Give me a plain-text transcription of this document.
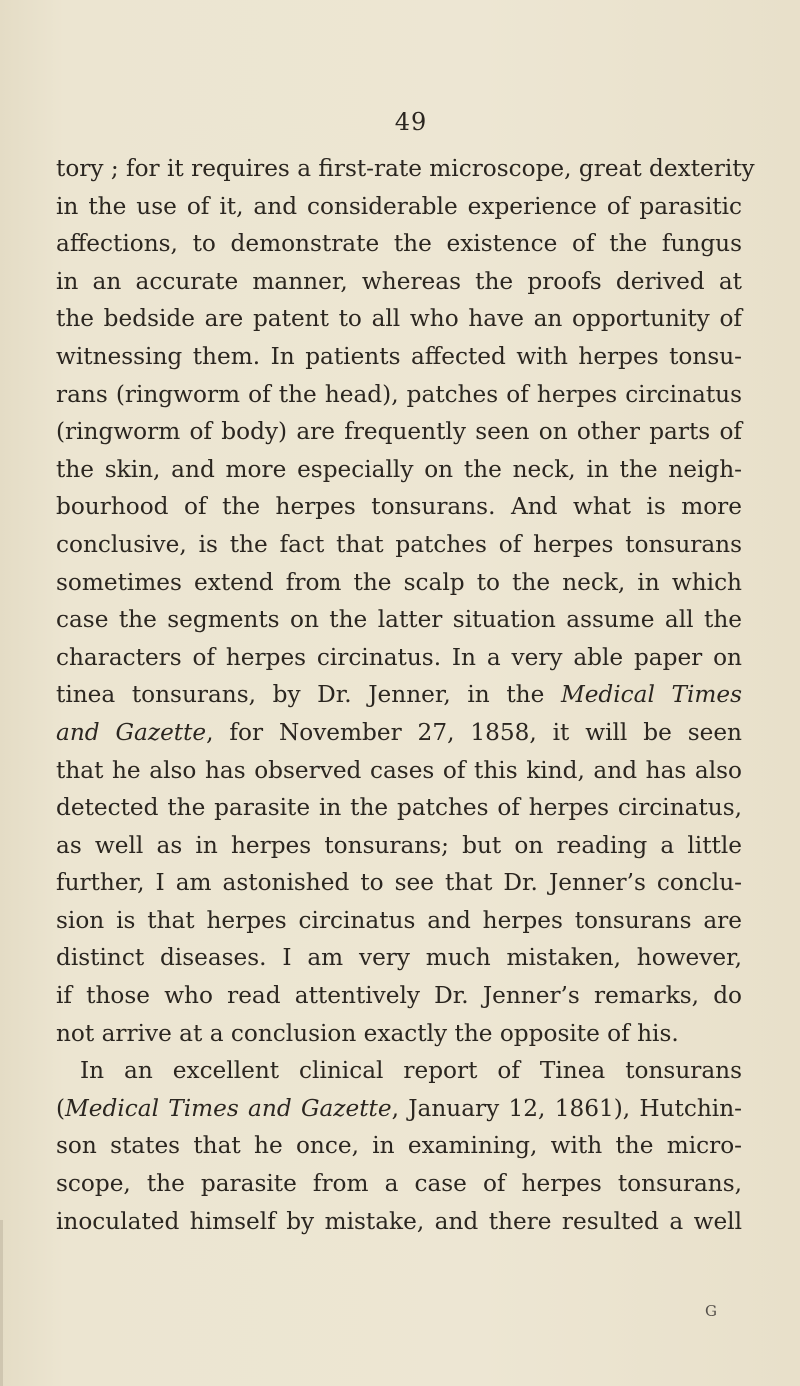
49
tory ; for it requires a first-rate microscope, great dexterity
in the use of it, and considerable experience of parasitic
affections, to demonstrate the existence of the fungus
in an accurate manner, whereas the proofs derived at
the bedside are patent to all who have an opportunity of
witnessing them. In patients affected with herpes tonsu-
rans (ringworm of the head), patches of herpes circinatus
(ringworm of body) are frequently seen on other parts of
the skin, and more especially on the neck, in the neigh-
bourhood of the herpes tonsurans. And what is more
conclusive, is the fact that patches of herpes tonsurans
sometimes extend from the scalp to the neck, in which
case the segments on the latter situation assume all the
characters of herpes circinatus. In a very able paper on
tinea tonsurans, by Dr. Jenner, in the Medical Times
and Gazette, for November 27, 1858, it will be seen
that he also has observed cases of this kind, and has also
detected the parasite in the patches of herpes circinatus,
as well as in herpes tonsurans; but on reading a little
further, I am astonished to see that Dr. Jenner’s conclu-
sion is that herpes circinatus and herpes tonsurans are
distinct diseases. I am very much mistaken, however,
if those who read attentively Dr. Jenner’s remarks, do
not arrive at a conclusion exactly the opposite of his.
In an excellent clinical report of Tinea tonsurans
(Medical Times and Gazette, January 12, 1861), Hutchin-
son states that he once, in examining, with the micro-
scope, the parasite from a case of herpes tonsurans,
inoculated himself by mistake, and there resulted a well
G
